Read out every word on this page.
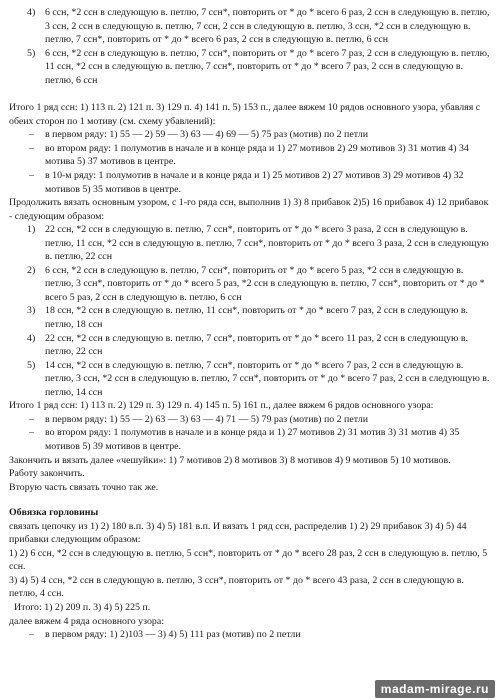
4) 6 ссн, *2 ссн в следующую в. петлю, 7 ссн*, повторить от * до * всего 6 раз, 2 ссн в следующую в. петлю, 3 ссн, 2 ссн в следующую в. петлю, 7 ссн, 2 ссн в следующую в. петлю, 3 ссн, *2 ссн в следующую в. петлю, 7 ссн*, повторить от * до * всего 6 раз, 2 ссн в следующую в. петлю, 6 ссн
5) 6 ссн, *2 ссн в следующую в. петлю, 7 ссн*, повторить от * до * всего 7 раз, 2 ссн в следующую в. петлю, 11 ссн, *2 ссн в следующую в. петлю, 7 ссн*, повторить от * до * всего 7 раз, 2 ссн в следующую в. петлю, 6 ссн

Итого 1 ряд ссн: 1) 113 п. 2) 121 п. 3) 129 п. 4) 141 п. 5) 153 п., далее вяжем 10 рядов основного узора, убавляя с обеих сторон по 1 мотиву (см. схему убавлений):

– в первом ряду: 1) 55 — 2) 59 — 3) 63 — 4) 69 — 5) 75 раз (мотив) по 2 петли
– во втором ряду: 1 полумотив в начале и в конце ряда и 1) 27 мотивов 2) 29 мотивов 3) 31 мотив 4) 34 мотива 5) 37 мотивов в центре.
– в 10-м ряду: 1 полумотив в начале и в конце ряда и 1) 25 мотивов 2) 27 мотивов 3) 29 мотивов 4) 32 мотивов 5) 35 мотивов в центре.

Продолжить вязать основным узором, с 1-го ряда ссн, выполнив 1) 3) 8 прибавок 2)5) 16 прибавок 4) 12 прибавок - следующим образом:

1) 22 ссн, *2 ссн в следующую в. петлю, 7 ссн*, повторить от * до * всего 3 раза, 2 ссн в следующую в. петлю, 11 ссн, *2 ссн в следующую в. петлю, 7 ссн*, повторить от * до * всего 3 раза, 2 ссн в следующую в. петлю, 22 ссн
2) 6 ссн, *2 ссн в следующую в. петлю, 7 ссн*, повторить от * до * всего 5 раз, *2 ссн в следующую в. петлю, 3 ссн*, повторить от * до * всего 5 раз, *2 ссн в следующую в. петлю, 7 ссн*, повторить от * до * всего 5 раз, 2 ссн в следующую в. петлю, 6 ссн
3) 18 ссн, *2 ссн в следующую в. петлю, 11 ссн*, повторить от * до * всего 7 раз, 2 ссн в следующую в. петлю, 18 ссн
4) 22 ссн, *2 ссн в следующую в. петлю, 7 ссн*, повторить от * до * всего 11 раз, 2 ссн в следующую в. петлю, 22 ссн
5) 14 ссн, *2 ссн в следующую в. петлю, 7 ссн*, повторить от * до * всего 7 раз, 2 ссн в следующую в. петлю, 3 ссн, *2 ссн в следующую в. петлю, 7 ссн*, повторить от * до * всего 7 раз, 2 ссн в следующую в. петлю, 14 ссн

Итого 1 ряд ссн: 1) 113 п. 2) 129 п. 3) 129 п. 4) 145 п. 5) 161 п., далее вяжем 6 рядов основного узора:

– в первом ряду: 1) 55 — 2) 63 — 3) 63 — 4) 71 — 5) 79 раз (мотив) по 2 петли
– во втором ряду: 1 полумотив в начале и в конце ряда и 1) 27 мотивов 2) 31 мотив 3) 31 мотив 4) 35 мотивов 5) 39 мотивов в центре.

Закончить и вязать далее «чешуйки»: 1) 7 мотивов 2) 8 мотивов 3) 8 мотивов 4) 9 мотивов 5) 10 мотивов.

Работу закончить.

Вторую часть связать точно так же.

Обвязка горловины

связать цепочку из 1) 2) 180 в.п. 3) 4) 5) 181 в.п. И вязать 1 ряд ссн, распределив 1) 2) 29 прибавок 3) 4) 5) 44 прибавки следующим образом:

1) 2) 6 ссн, *2 ссн в следующую в. петлю, 5 ссн*, повторить от * до * всего 28 раз, 2 ссн в следующую в. петлю, 5 ссн.

3) 4) 5) 4 ссн, *2 ссн в следующую в. петлю, 3 ссн*, повторить от * до * всего 43 раза, 2 ссн в следующую в. петлю, 4 ссн.

Итого: 1) 2) 209 п. 3) 4) 5) 225 п.

далее вяжем 4 ряда основного узора:

– в первом ряду: 1) 2)103 — 3) 4) 5) 111 раз (мотив) по 2 петли
madam-mirage.ru
